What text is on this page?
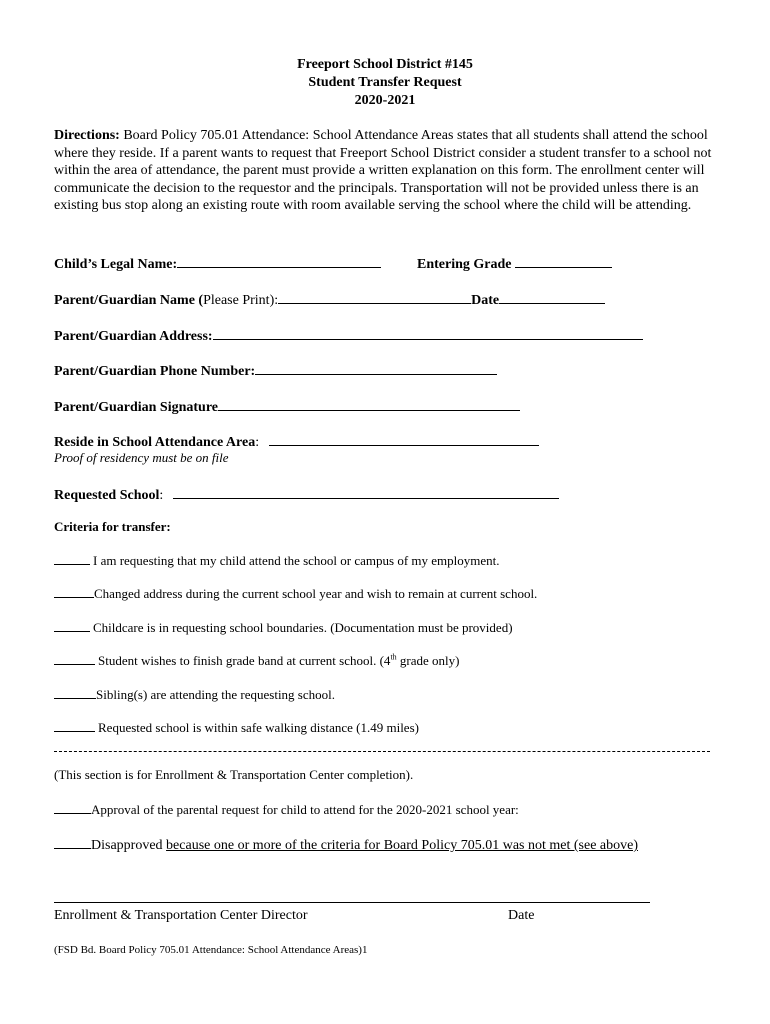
Freeport School District #145
Student Transfer Request
2020-2021
Directions: Board Policy 705.01 Attendance: School Attendance Areas states that all students shall attend the school where they reside. If a parent wants to request that Freeport School District consider a student transfer to a school not within the area of attendance, the parent must provide a written explanation on this form. The enrollment center will communicate the decision to the requestor and the principals. Transportation will not be provided unless there is an existing bus stop along an existing route with room available serving the school where the child will be attending.
Child’s Legal Name:	Entering Grade
Parent/Guardian Name (Please Print):	Date
Parent/Guardian Address:
Parent/Guardian Phone Number:
Parent/Guardian Signature
Reside in School Attendance Area:
Proof of residency must be on file
Requested School:
Criteria for transfer:
I am requesting that my child attend the school or campus of my employment.
Changed address during the current school year and wish to remain at current school.
Childcare is in requesting school boundaries. (Documentation must be provided)
Student wishes to finish grade band at current school. (4th grade only)
Sibling(s) are attending the requesting school.
Requested school is within safe walking distance (1.49 miles)
(This section is for Enrollment & Transportation Center completion).
Approval of the parental request for child to attend for the 2020-2021 school year:
Disapproved because one or more of the criteria for Board Policy 705.01 was not met (see above)
Enrollment & Transportation Center Director	Date
(FSD Bd. Board Policy 705.01 Attendance: School Attendance Areas)1
